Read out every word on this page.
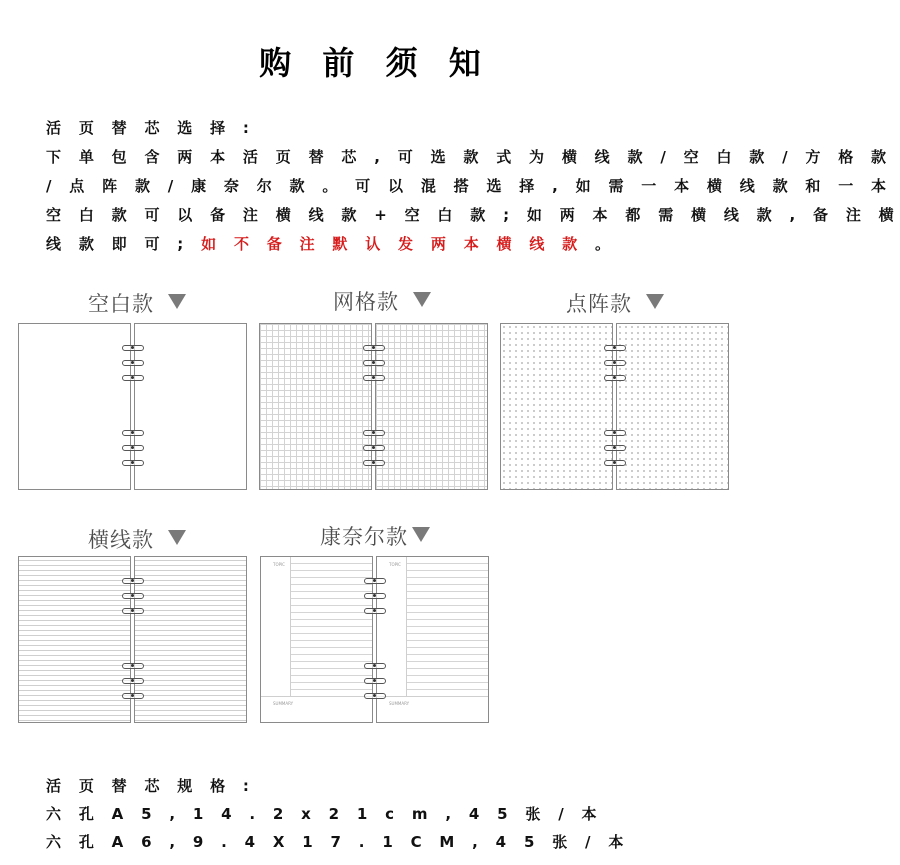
购 前 须 知
活 页 替 芯 选 择 :
下 单 包 含 两 本 活 页 替 芯 , 可 选 款 式 为 横 线 款 / 空 白 款 / 方 格 款
/ 点 阵 款 / 康 奈 尔 款 。 可 以 混 搭 选 择 , 如 需 一 本 横 线 款 和 一 本
空 白 款 可 以 备 注 横 线 款 + 空 白 款 ; 如 两 本 都 需 横 线 款 , 备 注 横
线 款 即 可 ; 如 不 备 注 默 认 发 两 本 横 线 款 。
空白款	网格款	点阵款
横线款	康奈尔款
TOPIC
SUMMARY
TOPIC
SUMMARY
活 页 替 芯 规 格 :
六 孔 A 5 , 1 4 . 2 x 2 1 c m , 4 5 张 / 本
六 孔 A 6 , 9 . 4 X 1 7 . 1 C M , 4 5 张 / 本
